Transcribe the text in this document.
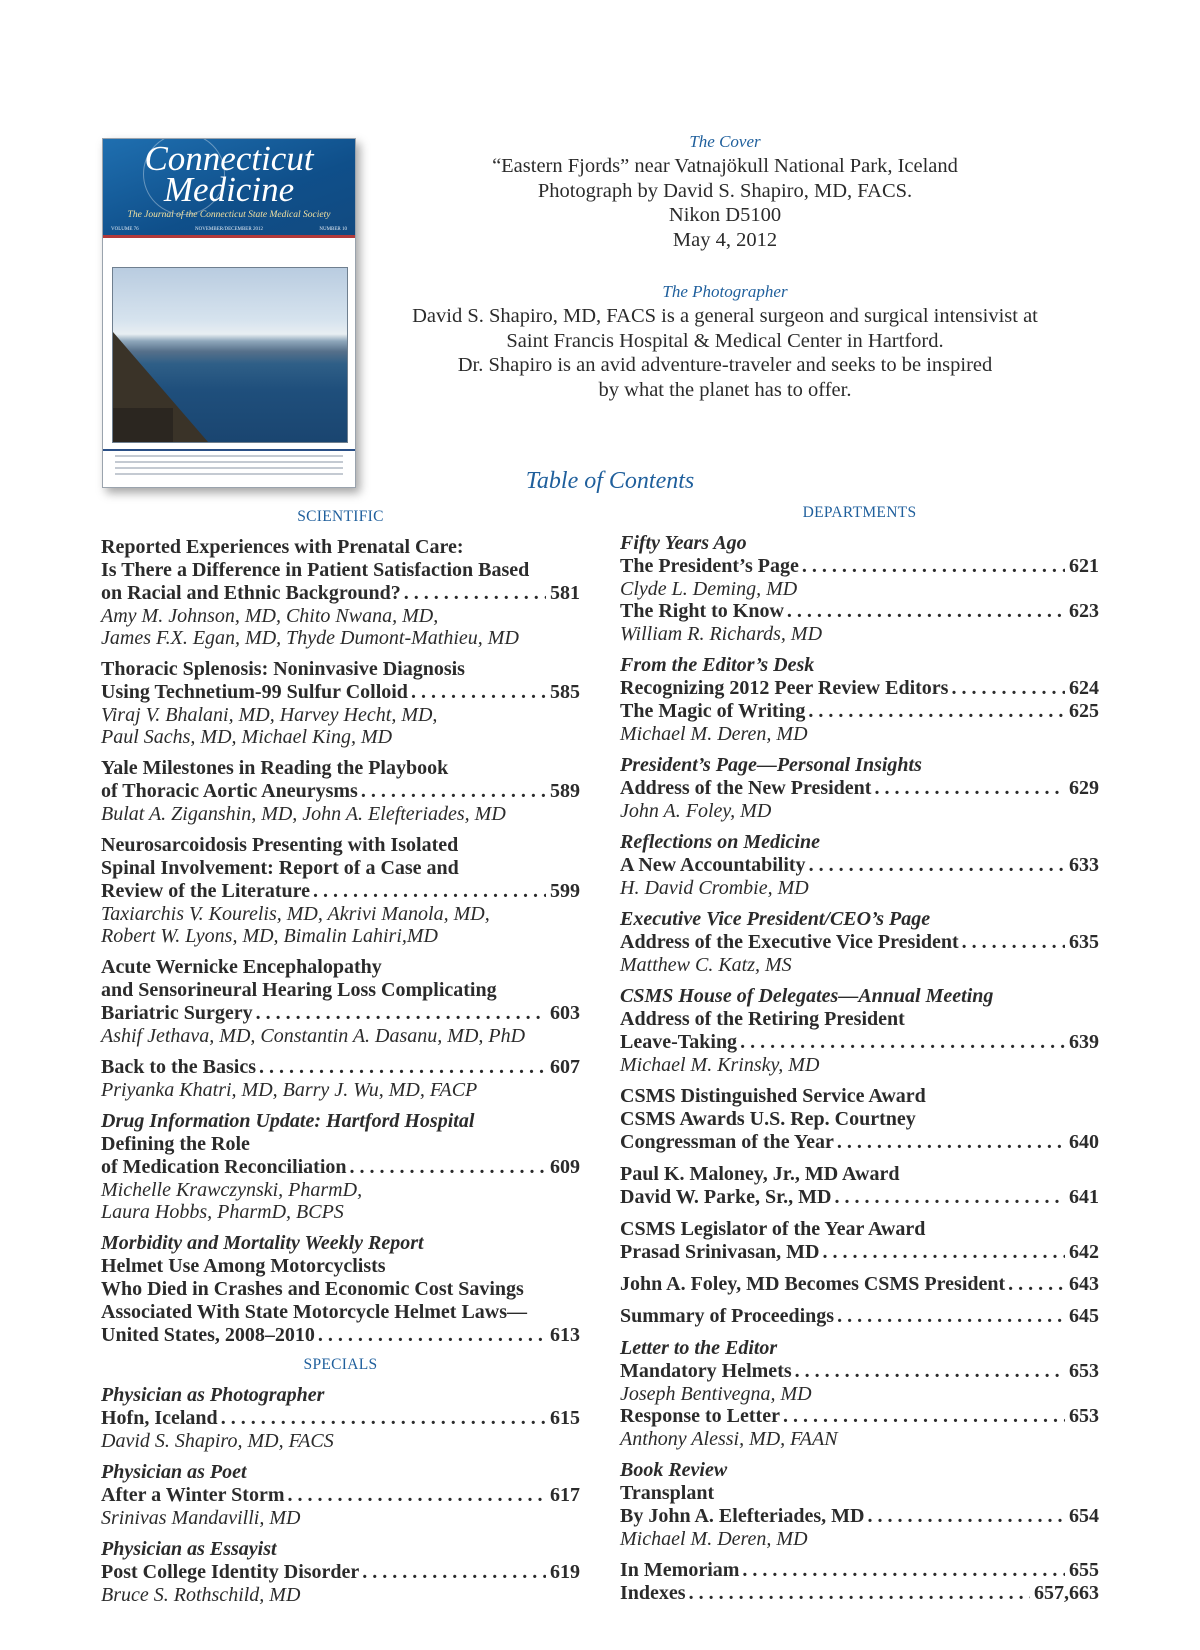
Connecticut
Medicine
The Journal of the Connecticut State Medical Society
VOLUME 76	NOVEMBER/DECEMBER 2012	NUMBER 10
The Cover
“Eastern Fjords” near Vatnajökull National Park, Iceland
Photograph by David S. Shapiro, MD, FACS.
Nikon D5100
May 4, 2012
The Photographer
David S. Shapiro, MD, FACS is a general surgeon and surgical intensivist at
Saint Francis Hospital & Medical Center in Hartford.
Dr. Shapiro is an avid adventure-traveler and seeks to be inspired
by what the planet has to offer.
Table of Contents
SCIENTIFIC
Reported Experiences with Prenatal Care:
Is There a Difference in Patient Satisfaction Based
on Racial and Ethnic Background? . . .	581
Amy M. Johnson, MD, Chito Nwana, MD,
James F.X. Egan, MD, Thyde Dumont-Mathieu, MD
Thoracic Splenosis: Noninvasive Diagnosis
Using Technetium-99 Sulfur Colloid . . .	585
Viraj V. Bhalani, MD, Harvey Hecht, MD,
Paul Sachs, MD, Michael King, MD
Yale Milestones in Reading the Playbook
of Thoracic Aortic Aneurysms . . .	589
Bulat A. Ziganshin, MD, John A. Elefteriades, MD
Neurosarcoidosis Presenting with Isolated
Spinal Involvement: Report of a Case and
Review of the Literature . . .	599
Taxiarchis V. Kourelis, MD, Akrivi Manola, MD,
Robert W. Lyons, MD, Bimalin Lahiri,MD
Acute Wernicke Encephalopathy
and Sensorineural Hearing Loss Complicating
Bariatric Surgery . . .	603
Ashif Jethava, MD, Constantin A. Dasanu, MD, PhD
Back to the Basics . . .	607
Priyanka Khatri, MD, Barry J. Wu, MD, FACP
Drug Information Update: Hartford Hospital
Defining the Role
of Medication Reconciliation . . .	609
Michelle Krawczynski, PharmD,
Laura Hobbs, PharmD, BCPS
Morbidity and Mortality Weekly Report
Helmet Use Among Motorcyclists
Who Died in Crashes and Economic Cost Savings
Associated With State Motorcycle Helmet Laws—
United States, 2008–2010 . . .	613
SPECIALS
Physician as Photographer
Hofn, Iceland . . .	615
David S. Shapiro, MD, FACS
Physician as Poet
After a Winter Storm . . .	617
Srinivas Mandavilli, MD
Physician as Essayist
Post College Identity Disorder . . .	619
Bruce S. Rothschild, MD
DEPARTMENTS
Fifty Years Ago
The President’s Page . . .	621
Clyde L. Deming, MD
The Right to Know . . .	623
William R. Richards, MD
From the Editor’s Desk
Recognizing 2012 Peer Review Editors . . .	624
The Magic of Writing . . .	625
Michael M. Deren, MD
President’s Page—Personal Insights
Address of the New President . . .	629
John A. Foley, MD
Reflections on Medicine
A New Accountability . . .	633
H. David Crombie, MD
Executive Vice President/CEO’s Page
Address of the Executive Vice President . . .	635
Matthew C. Katz, MS
CSMS House of Delegates—Annual Meeting
Address of the Retiring President
Leave-Taking . . .	639
Michael M. Krinsky, MD
CSMS Distinguished Service Award
CSMS Awards U.S. Rep. Courtney
Congressman of the Year . . .	640
Paul K. Maloney, Jr., MD Award
David W. Parke, Sr., MD . . .	641
CSMS Legislator of the Year Award
Prasad Srinivasan, MD . . .	642
John A. Foley, MD Becomes CSMS President . . .	643
Summary of Proceedings . . .	645
Letter to the Editor
Mandatory Helmets . . .	653
Joseph Bentivegna, MD
Response to Letter . . .	653
Anthony Alessi, MD, FAAN
Book Review
Transplant
By John A. Elefteriades, MD . . .	654
Michael M. Deren, MD
In Memoriam . . .	655
Indexes . . .	657,663
